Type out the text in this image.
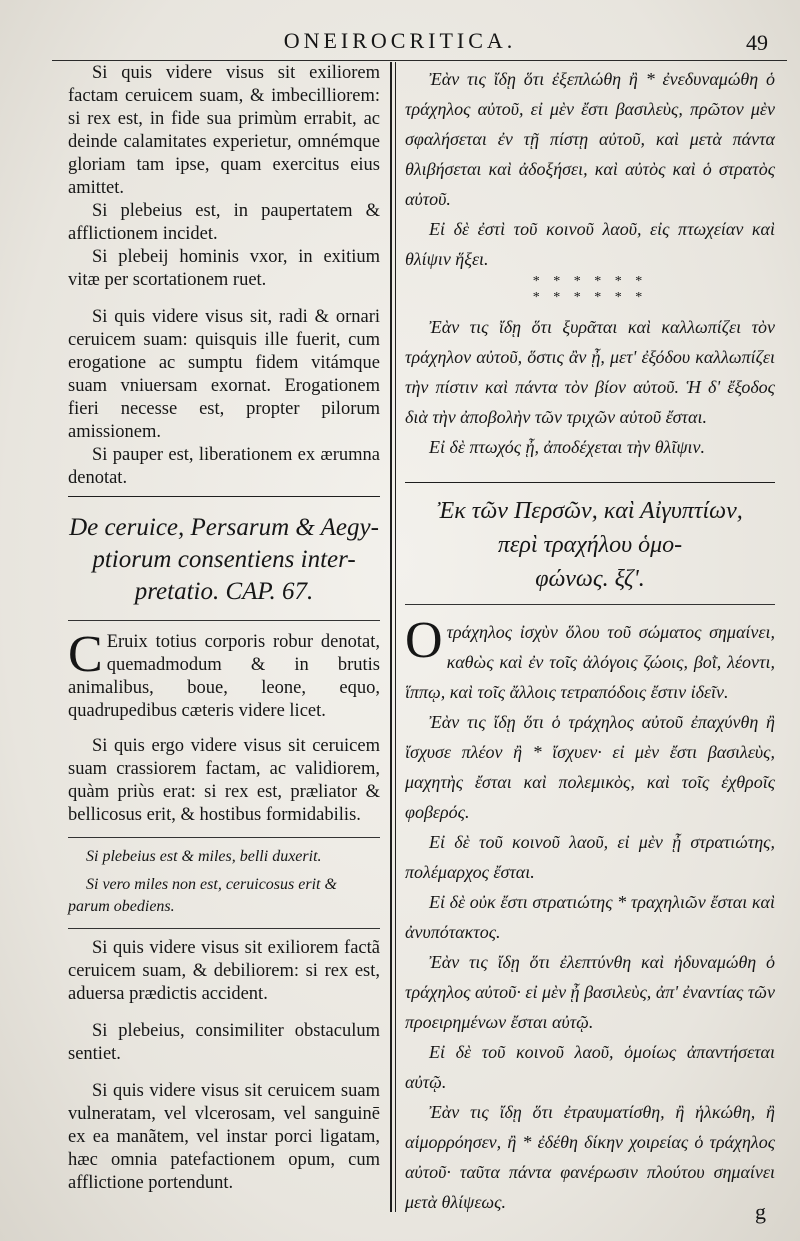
ONEIROCRITICA.	49

Si quis videre visus sit exiliorem factam ceruicem suam, & imbecilliorem: si rex est, in fide sua primùm errabit, ac deinde calamitates experietur, omnémque gloriam tam ipse, quam exercitus eius amittet.

Si plebeius est, in paupertatem & afflictionem incidet.

Si plebeij hominis vxor, in exitium vitæ per scortationem ruet.

Si quis videre visus sit, radi & ornari ceruicem suam: quisquis ille fuerit, cum erogatione ac sumptu fidem vitámque suam vniuersam exornat. Erogationem fieri necesse est, propter pilorum amissionem.

Si pauper est, liberationem ex ærumna denotat.

Ἐὰν τις ἴδῃ ὅτι ἐξεπλώθη ἢ * ἐνεδυναμώθη ὁ τράχηλος αὐτοῦ, εἰ μὲν ἔστι βασιλεὺς, πρῶτον μὲν σφαλήσεται ἐν τῇ πίστῃ αὐτοῦ, καὶ μετὰ πάντα θλιβήσεται καὶ ἀδοξήσει, καὶ αὐτὸς καὶ ὁ στρατὸς αὐτοῦ.

Εἰ δὲ ἐστὶ τοῦ κοινοῦ λαοῦ, εἰς πτωχείαν καὶ θλίψιν ἥξει.

* * * * * *

* * * * * *

Ἐὰν τις ἴδῃ ὅτι ξυρᾶται καὶ καλλωπίζει τὸν τράχηλον αὐτοῦ, ὅστις ἂν ᾖ, μετ' ἐξόδου καλλωπίζει τὴν πίστιν καὶ πάντα τὸν βίον αὐτοῦ. Ἡ δ' ἔξοδος διὰ τὴν ἀποβολὴν τῶν τριχῶν αὐτοῦ ἔσται.

Εἰ δὲ πτωχός ᾖ, ἀποδέχεται τὴν θλῖψιν.

De ceruice, Persarum & Aegy-

ptiorum consentiens inter-

pretatio. CAP. 67.

C Eruix totius corporis robur denotat, quemadmodum & in brutis animalibus, boue, leone, equo, quadrupedibus cæteris videre licet.

Si quis ergo videre visus sit ceruicem suam crassiorem factam, ac validiorem, quàm priùs erat: si rex est, præliator & bellicosus erit, & hostibus formidabilis.

Si plebeius est & miles, belli duxerit.

Si vero miles non est, ceruicosus erit & parum obediens.

Si quis videre visus sit exiliorem factã ceruicem suam, & debiliorem: si rex est, aduersa prædictis accident.

Si plebeius, consimiliter obstaculum sentiet.

Si quis videre visus sit ceruicem suam vulneratam, vel vlcerosam, vel sanguinē ex ea manãtem, vel instar porci ligatam, hæc omnia patefactionem opum, cum afflictione portendunt.

Ἐκ τῶν Περσῶν, καὶ Αἰγυπτίων,

περὶ τραχήλου ὁμο-

φώνως. ξζ'.

Οτράχηλος ἰσχὺν ὅλου τοῦ σώματος σημαίνει, καθὼς καὶ ἐν τοῖς ἀλόγοις ζώοις, βοῒ, λέοντι, ἵππῳ, καὶ τοῖς ἄλλοις τετραπόδοις ἔστιν ἰδεῖν.

Ἐὰν τις ἴδῃ ὅτι ὁ τράχηλος αὐτοῦ ἐπαχύνθη ἢ ἴσχυσε πλέον ἢ * ἴσχυεν· εἰ μὲν ἔστι βασιλεὺς, μαχητὴς ἔσται καὶ πολεμικὸς, καὶ τοῖς ἐχθροῖς φοβερός.

Εἰ δὲ τοῦ κοινοῦ λαοῦ, εἰ μὲν ᾖ στρατιώτης, πολέμαρχος ἔσται.

Εἰ δὲ οὐκ ἔστι στρατιώτης * τραχηλιῶν ἔσται καὶ ἀνυπότακτος.

Ἐὰν τις ἴδῃ ὅτι ἐλεπτύνθη καὶ ἠδυναμώθη ὁ τράχηλος αὐτοῦ· εἰ μὲν ᾖ βασιλεὺς, ἀπ' ἐναντίας τῶν προειρημένων ἔσται αὐτῷ.

Εἰ δὲ τοῦ κοινοῦ λαοῦ, ὁμοίως ἀπαντήσεται αὐτῷ.

Ἐὰν τις ἴδῃ ὅτι ἐτραυματίσθη, ἢ ἡλκώθη, ἢ αἱμορρόησεν, ἢ * ἐδέθη δίκην χοιρείας ὁ τράχηλος αὐτοῦ· ταῦτα πάντα φανέρωσιν πλούτου σημαίνει μετὰ θλίψεως.	g
